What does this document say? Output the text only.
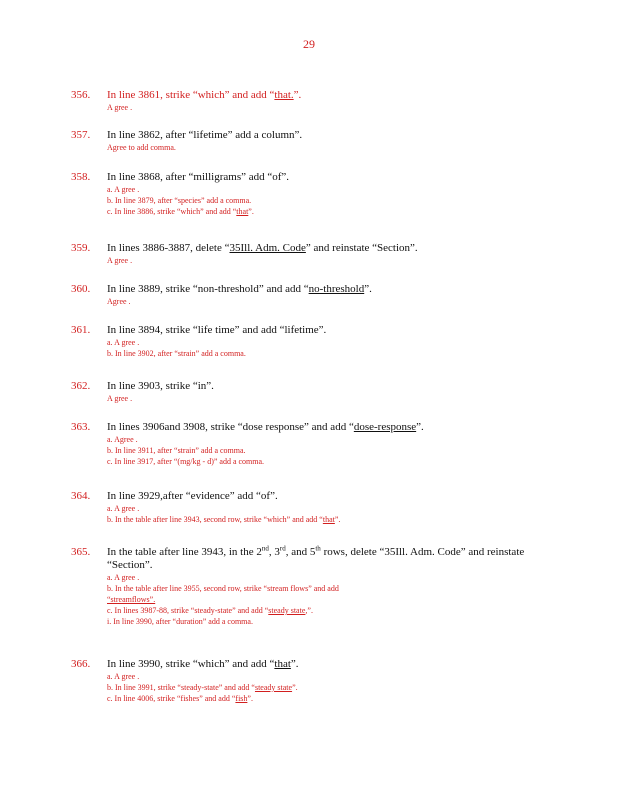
29
356. In line 3861, strike “which” and add “that.”.
A gree .
357. In line 3862, after “lifetime” add a column”.
Agree to add comma.
358. In line 3868, after “milligrams” add “of”.
a. A gree .
b. In line 3879, after “species” add a comma.
c. In line 3886, strike “which” and add “that”.
359. In lines 3886-3887, delete “35Ill. Adm. Code” and reinstate “Section”.
A gree .
360. In line 3889, strike “non-threshold” and add “no-threshold”.
Agree .
361. In line 3894, strike “life time” and add “lifetime”.
a. A gree .
b. In line 3902, after “strain” add a comma.
362. In line 3903, strike “in”.
A gree .
363. In lines 3906and 3908, strike “dose response” and add “dose-response”.
a. Agree .
b. In line 3911, after “strain” add a comma.
c. In line 3917, after “(mg/kg - d)” add a comma.
364. In line 3929,after “evidence” add “of”.
a. A gree .
b. In the table after line 3943, second row, strike “which” and add “that”.
365. In the table after line 3943, in the 2nd, 3rd, and 5th rows, delete “35Ill. Adm. Code” and reinstate “Section”.
a. A gree .
b. In the table after line 3955, second row, strike “stream flows” and add
“streamflows”.
c. In lines 3987-88, strike “steady-state” and add “steady state,”.
i. In line 3990, after “duration” add a comma.
366. In line 3990, strike “which” and add “that”.
a. A gree .
b. In line 3991, strike “steady-state” and add “steady state”.
c. In line 4006, strike “fishes” and add “fish”.
